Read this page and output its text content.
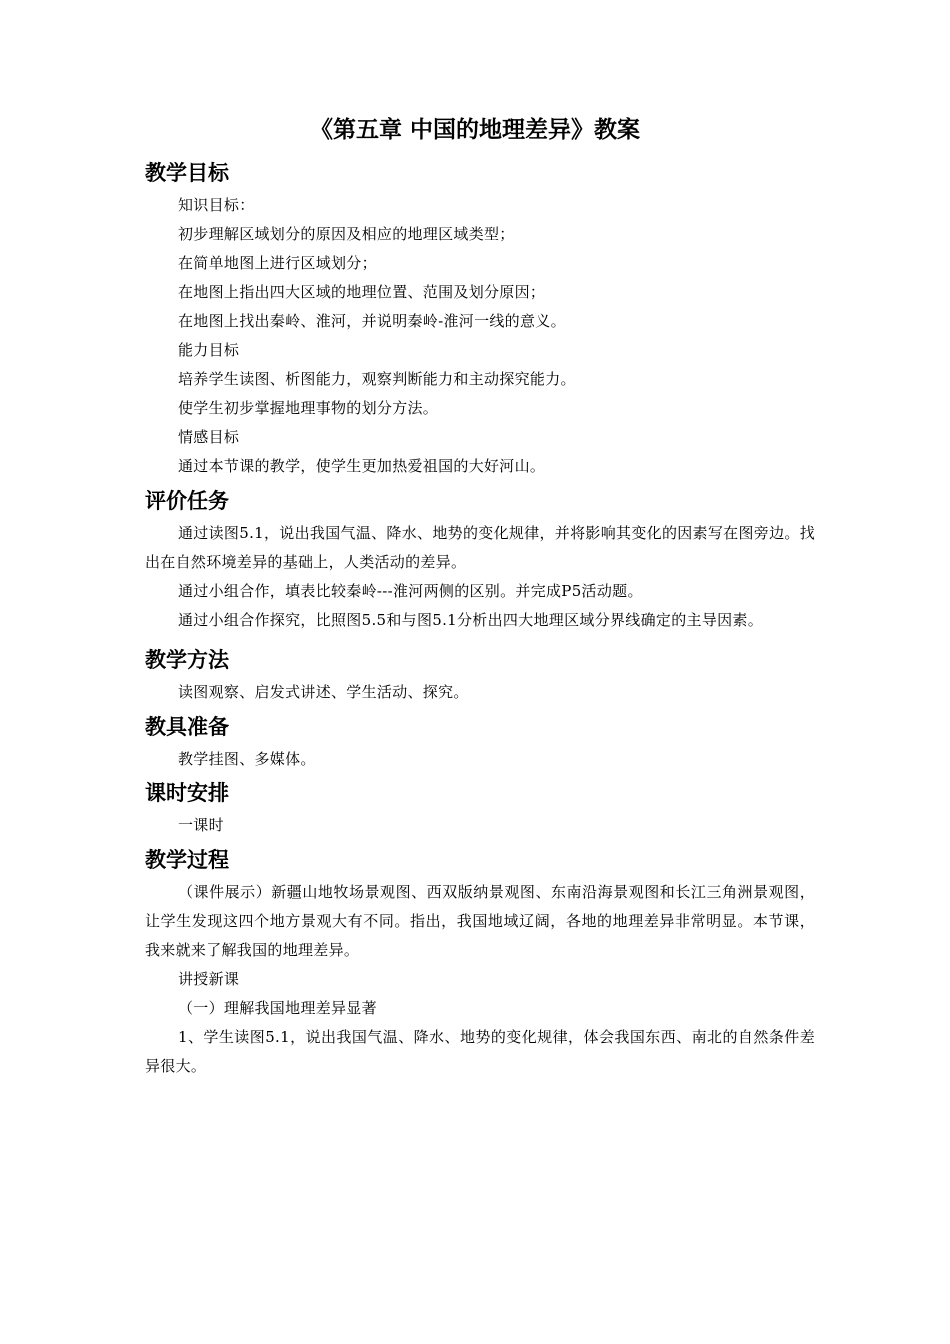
《第五章 中国的地理差异》教案
教学目标

知识目标：

初步理解区域划分的原因及相应的地理区域类型；

在简单地图上进行区域划分；

在地图上指出四大区域的地理位置、范围及划分原因；

在地图上找出秦岭、淮河，并说明秦岭-淮河一线的意义。

能力目标

培养学生读图、析图能力，观察判断能力和主动探究能力。

使学生初步掌握地理事物的划分方法。

情感目标

通过本节课的教学，使学生更加热爱祖国的大好河山。

评价任务

通过读图5.1，说出我国气温、降水、地势的变化规律，并将影响其变化的因素写在图旁边。找出在自然环境差异的基础上，人类活动的差异。

通过小组合作，填表比较秦岭---淮河两侧的区别。并完成P5活动题。

通过小组合作探究，比照图5.5和与图5.1分析出四大地理区域分界线确定的主导因素。

教学方法

读图观察、启发式讲述、学生活动、探究。

教具准备

教学挂图、多媒体。

课时安排

一课时

教学过程

（课件展示）新疆山地牧场景观图、西双版纳景观图、东南沿海景观图和长江三角洲景观图，让学生发现这四个地方景观大有不同。指出，我国地域辽阔，各地的地理差异非常明显。本节课，我来就来了解我国的地理差异。

讲授新课

（一）理解我国地理差异显著

1、学生读图5.1，说出我国气温、降水、地势的变化规律，体会我国东西、南北的自然条件差异很大。
